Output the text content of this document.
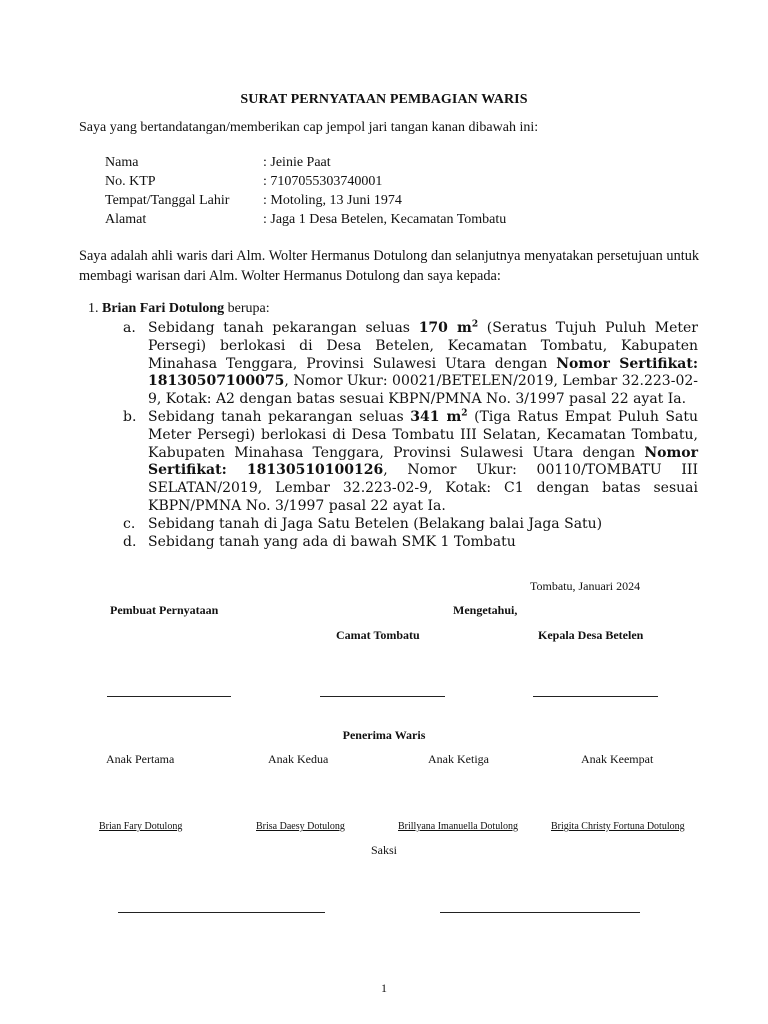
SURAT PERNYATAAN PEMBAGIAN WARIS
Saya yang bertandatangan/memberikan cap jempol jari tangan kanan dibawah ini:
Nama	: Jeinie Paat
No. KTP	: 7107055303740001
Tempat/Tanggal Lahir : Motoling, 13 Juni 1974
Alamat	: Jaga 1 Desa Betelen, Kecamatan Tombatu
Saya adalah ahli waris dari Alm. Wolter Hermanus Dotulong dan selanjutnya menyatakan persetujuan untuk membagi warisan dari Alm. Wolter Hermanus Dotulong dan saya kepada:
1. Brian Fari Dotulong berupa:
a. Sebidang tanah pekarangan seluas 170 $m^2$ (Seratus Tujuh Puluh Meter Persegi) berlokasi di Desa Betelen, Kecamatan Tombatu, Kabupaten Minahasa Tenggara, Provinsi Sulawesi Utara dengan Nomor Sertifikat: 18130507100075, Nomor Ukur: 00021/BETELEN/2019, Lembar 32.223-02-9, Kotak: A2 dengan batas sesuai KBPN/PMNA No. 3/1997 pasal 22 ayat Ia.
b. Sebidang tanah pekarangan seluas 341 $m^2$ (Tiga Ratus Empat Puluh Satu Meter Persegi) berlokasi di Desa Tombatu III Selatan, Kecamatan Tombatu, Kabupaten Minahasa Tenggara, Provinsi Sulawesi Utara dengan Nomor Sertifikat: 18130510100126, Nomor Ukur: 00110/TOMBATU III SELATAN/2019, Lembar 32.223-02-9, Kotak: C1 dengan batas sesuai KBPN/PMNA No. 3/1997 pasal 22 ayat Ia.
c. Sebidang tanah di Jaga Satu Betelen (Belakang balai Jaga Satu)
d. Sebidang tanah yang ada di bawah SMK 1 Tombatu
Tombatu, Januari 2024
Pembuat Pernyataan	Mengetahui,
Camat Tombatu	Kepala Desa Betelen
Penerima Waris
Anak Pertama	Anak Kedua	Anak Ketiga	Anak Keempat
Brian Fary Dotulong	Brisa Daesy Dotulong	Brillyana Imanuella Dotulong	Brigita Christy Fortuna Dotulong
Saksi
1
